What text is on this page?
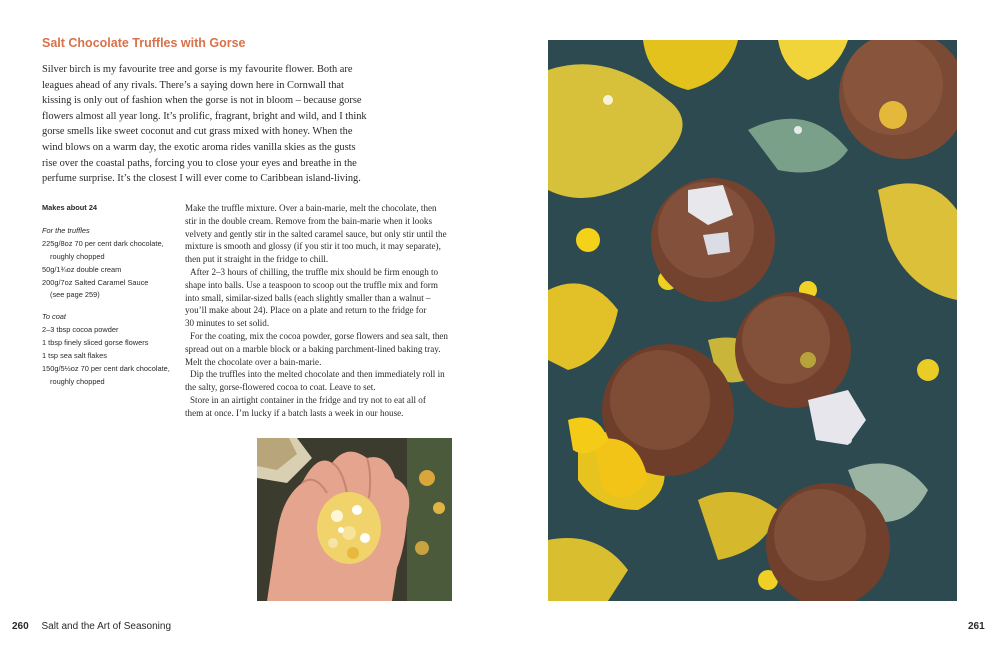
Salt Chocolate Truffles with Gorse
Silver birch is my favourite tree and gorse is my favourite flower. Both are
leagues ahead of any rivals. There’s a saying down here in Cornwall that
kissing is only out of fashion when the gorse is not in bloom – because gorse
flowers almost all year long. It’s prolific, fragrant, bright and wild, and I think
gorse smells like sweet coconut and cut grass mixed with honey. When the
wind blows on a warm day, the exotic aroma rides vanilla skies as the gusts
rise over the coastal paths, forcing you to close your eyes and breathe in the
perfume surprise. It’s the closest I will ever come to Caribbean island-living.
Makes about 24
For the truffles
225g/8oz 70 per cent dark chocolate,
roughly chopped
50g/1¾oz double cream
200g/7oz Salted Caramel Sauce
(see page 259)
To coat
2–3 tbsp cocoa powder
1 tbsp finely sliced gorse flowers
1 tsp sea salt flakes
150g/5½oz 70 per cent dark chocolate,
roughly chopped
Make the truffle mixture. Over a bain-marie, melt the chocolate, then
stir in the double cream. Remove from the bain-marie when it looks
velvety and gently stir in the salted caramel sauce, but only stir until the
mixture is smooth and glossy (if you stir it too much, it may separate),
then put it straight in the fridge to chill.
After 2–3 hours of chilling, the truffle mix should be firm enough to
shape into balls. Use a teaspoon to scoop out the truffle mix and form
into small, similar-sized balls (each slightly smaller than a walnut –
you’ll make about 24). Place on a plate and return to the fridge for
30 minutes to set solid.
For the coating, mix the cocoa powder, gorse flowers and sea salt, then
spread out on a marble block or a baking parchment-lined baking tray.
Melt the chocolate over a bain-marie.
Dip the truffles into the melted chocolate and then immediately roll in
the salty, gorse-flowered cocoa to coat. Leave to set.
Store in an airtight container in the fridge and try not to eat all of
them at once. I’m lucky if a batch lasts a week in our house.
260 Salt and the Art of Seasoning	261
